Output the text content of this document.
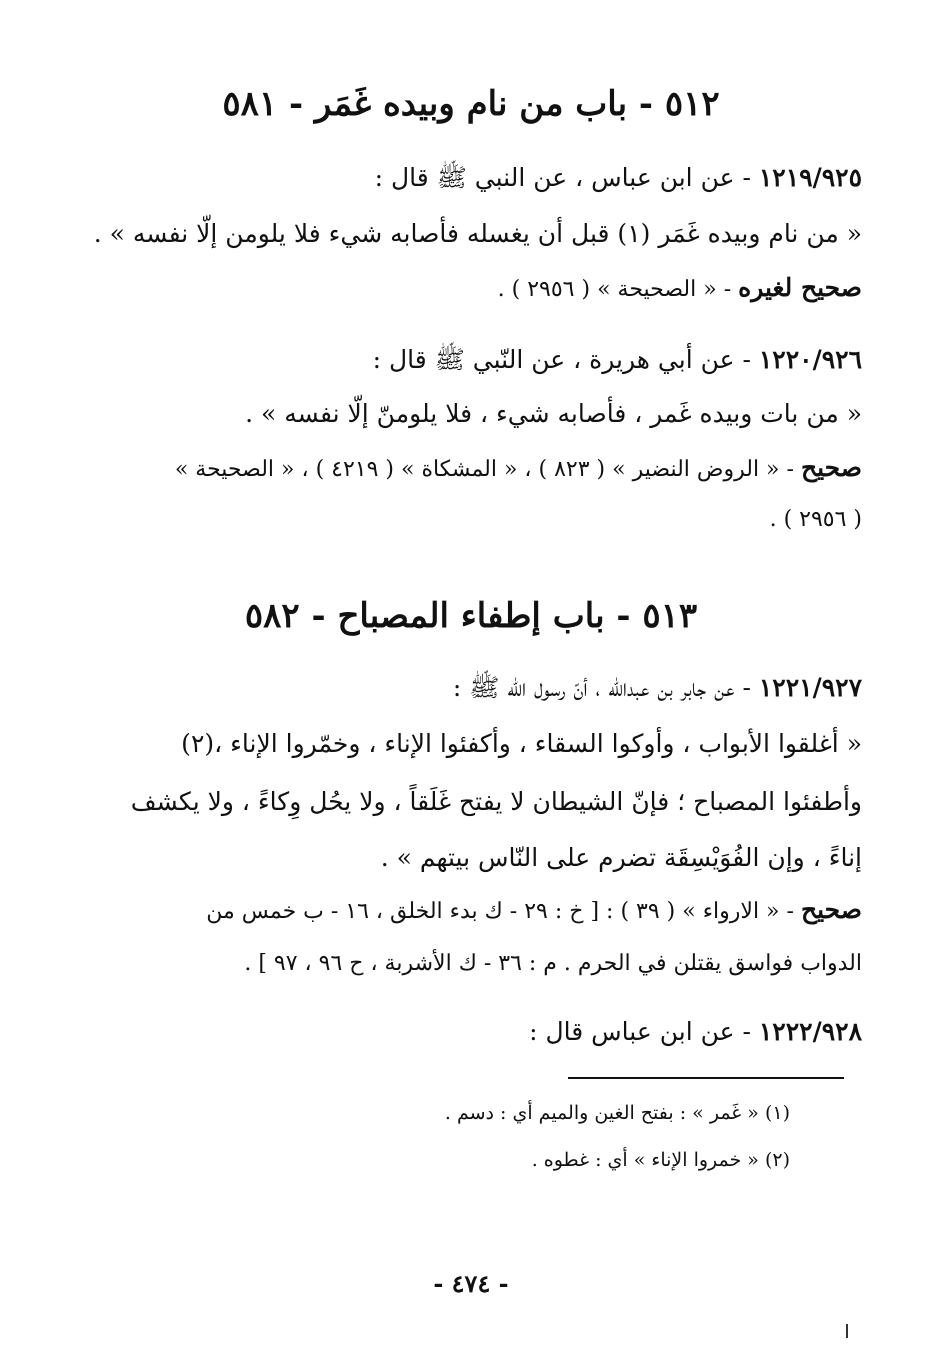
٥١٢ - باب من نام وبيده غَمَر - ٥٨١
١٢١٩/٩٢٥ - عن ابن عباس ، عن النبي ﷺ قال :
« من نام وبيده غَمَر (١) قبل أن يغسله فأصابه شيء فلا يلومن إلّا نفسه » .
صحيح لغيره - « الصحيحة » ( ٢٩٥٦ ) .
١٢٢٠/٩٢٦ - عن أبي هريرة ، عن النّبي ﷺ قال :
« من بات وبيده غَمر ، فأصابه شيء ، فلا يلومنّ إلّا نفسه » .
صحيح - « الروض النضير » ( ٨٢٣ ) ، « المشكاة » ( ٤٢١٩ ) ، « الصحيحة »
( ٢٩٥٦ ) .
٥١٣ - باب إطفاء المصباح - ٥٨٢
١٢٢١/٩٢٧ - عن جابر بن عبدالله ، أنّ رسول الله ﷺ :
« أغلقوا الأبواب ، وأوكوا السقاء ، وأكفئوا الإناء ، وخمّروا الإناء ،(٢)
وأطفئوا المصباح ؛ فإنّ الشيطان لا يفتح غَلَقاً ، ولا يحُل وِكاءً ، ولا يكشف
إناءً ، وإن الفُوَيْسِقَة تضرم على النّاس بيتهم » .
صحيح - « الارواء » ( ٣٩ ) : [ خ : ٢٩ - ك بدء الخلق ، ١٦ - ب خمس من
الدواب فواسق يقتلن في الحرم . م : ٣٦ - ك الأشربة ، ح ٩٦ ، ٩٧ ] .
١٢٢٢/٩٢٨ - عن ابن عباس قال :
(١) « غَمر » : بفتح الغين والميم أي : دسم .
(٢) « خمروا الإناء » أي : غطوه .
- ٤٧٤ -
